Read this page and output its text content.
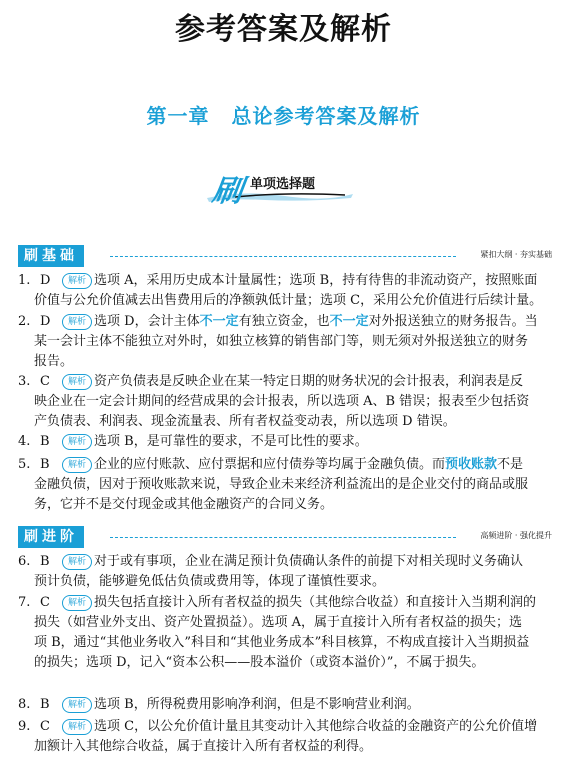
参考答案及解析
第一章 总论参考答案及解析
刷 单项选择题
刷基础	紧扣大纲 · 夯实基础
1. D 解析 选项 A，采用历史成本计量属性；选项 B，持有待售的非流动资产，按照账面
价值与公允价值减去出售费用后的净额孰低计量；选项 C，采用公允价值进行后续计量。
2. D 解析 选项 D，会计主体不一定有独立资金，也不一定对外报送独立的财务报告。当
某一会计主体不能独立对外时，如独立核算的销售部门等，则无须对外报送独立的财务
报告。
3. C 解析 资产负债表是反映企业在某一特定日期的财务状况的会计报表，利润表是反
映企业在一定会计期间的经营成果的会计报表，所以选项 A、B 错误；报表至少包括资
产负债表、利润表、现金流量表、所有者权益变动表，所以选项 D 错误。
4. B 解析 选项 B，是可靠性的要求，不是可比性的要求。
5. B 解析 企业的应付账款、应付票据和应付债券等均属于金融负债。而预收账款不是
金融负债，因对于预收账款来说，导致企业未来经济利益流出的是企业交付的商品或服
务，它并不是交付现金或其他金融资产的合同义务。
6. B 解析 对于或有事项，企业在满足预计负债确认条件的前提下对相关现时义务确认
预计负债，能够避免低估负债或费用等，体现了谨慎性要求。
7. C 解析 损失包括直接计入所有者权益的损失（其他综合收益）和直接计入当期利润的
损失（如营业外支出、资产处置损益）。选项 A，属于直接计入所有者权益的损失；选
项 B，通过“其他业务收入”科目和“其他业务成本”科目核算，不构成直接计入当期损益
的损失；选项 D，记入“资本公积——股本溢价（或资本溢价）”，不属于损失。
8. B 解析 选项 B，所得税费用影响净利润，但是不影响营业利润。
9. C 解析 选项 C，以公允价值计量且其变动计入其他综合收益的金融资产的公允价值增
加额计入其他综合收益，属于直接计入所有者权益的利得。
刷进阶	高频进阶 · 强化提升
